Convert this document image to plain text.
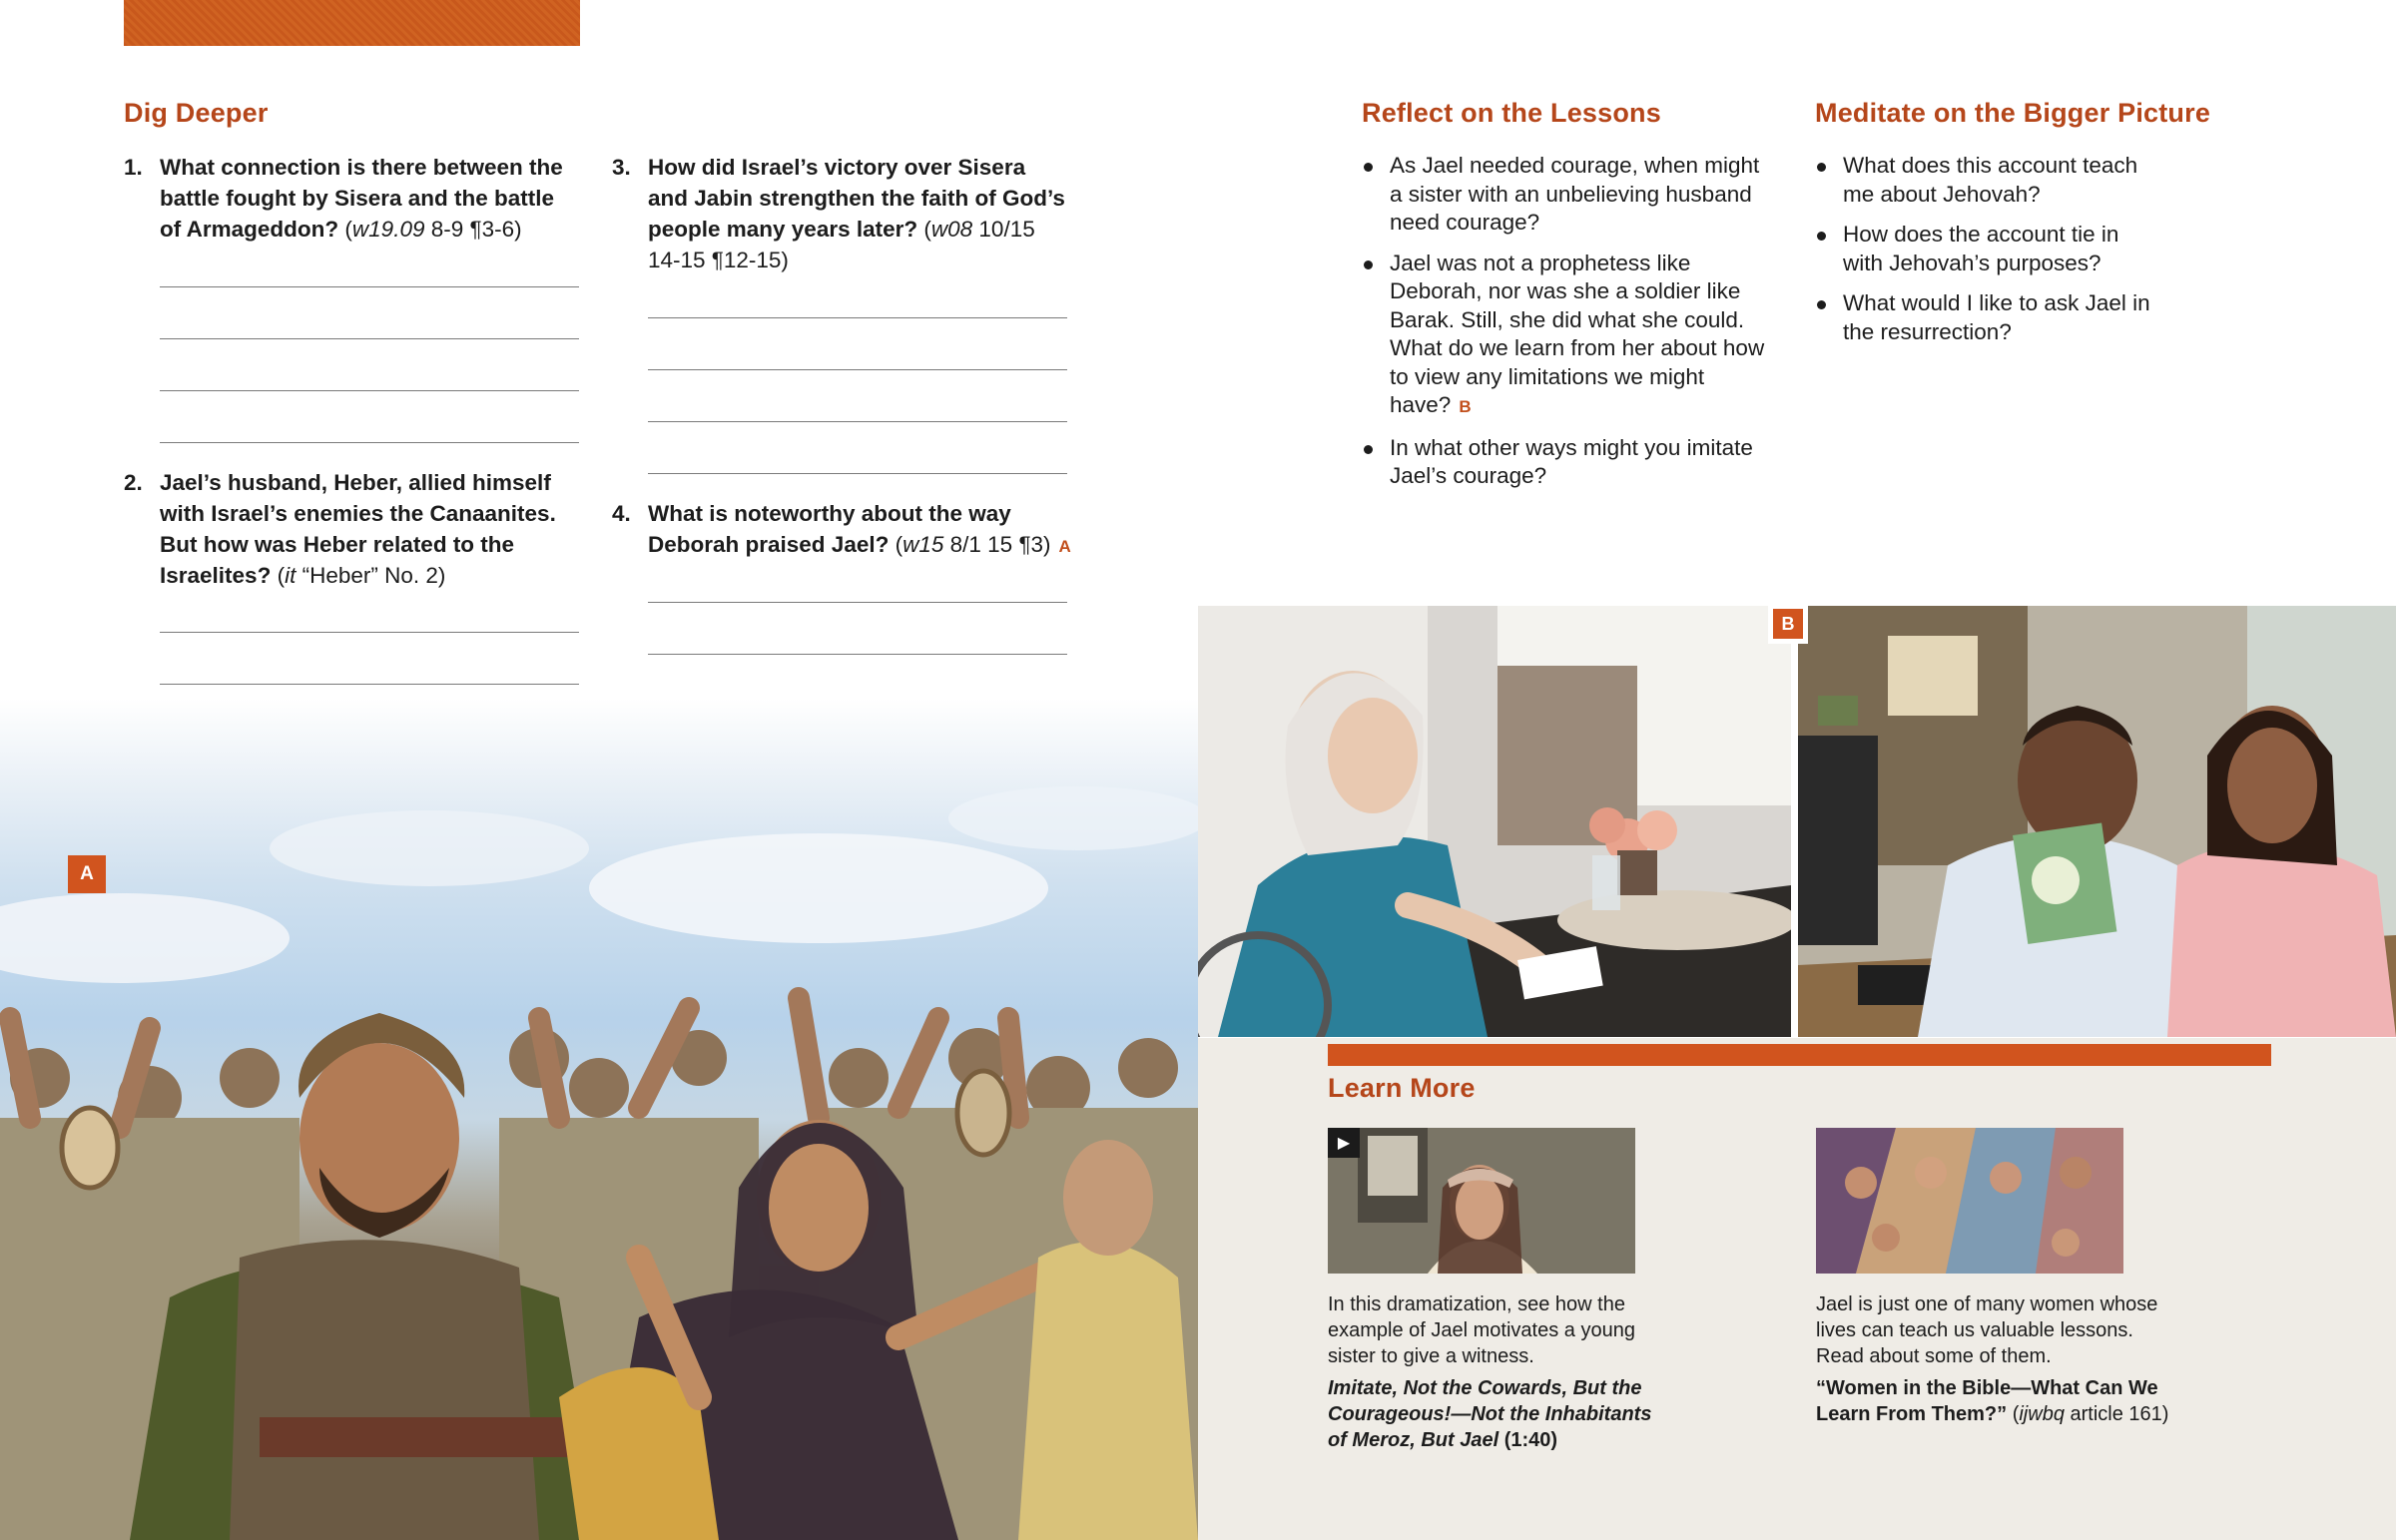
Dig Deeper
1. What connection is there between the battle fought by Sisera and the battle of Armageddon? (w19.09 8-9 ¶3-6)
2. Jael’s husband, Heber, allied himself with Israel’s enemies the Canaanites. But how was Heber related to the Israelites? (it “Heber” No. 2)
3. How did Israel’s victory over Sisera and Jabin strengthen the faith of God’s people many years later? (w08 10/15 14-15 ¶12-15)
4. What is noteworthy about the way Deborah praised Jael? (w15 8/1 15 ¶3) A
Reflect on the Lessons
As Jael needed courage, when might a sister with an unbelieving husband need courage?
Jael was not a prophetess like Deborah, nor was she a soldier like Barak. Still, she did what she could. What do we learn from her about how to view any limitations we might have? B
In what other ways might you imitate Jael’s courage?
Meditate on the Bigger Picture
What does this account teach me about Jehovah?
How does the account tie in with Jehovah’s purposes?
What would I like to ask Jael in the resurrection?
A
B
Learn More
▶
In this dramatization, see how the example of Jael motivates a young sister to give a witness.
Imitate, Not the Cowards, But the Courageous!—Not the Inhabitants of Meroz, But Jael (1:40)
Jael is just one of many women whose lives can teach us valuable lessons. Read about some of them.
“Women in the Bible—What Can We Learn From Them?” (ijwbq article 161)
